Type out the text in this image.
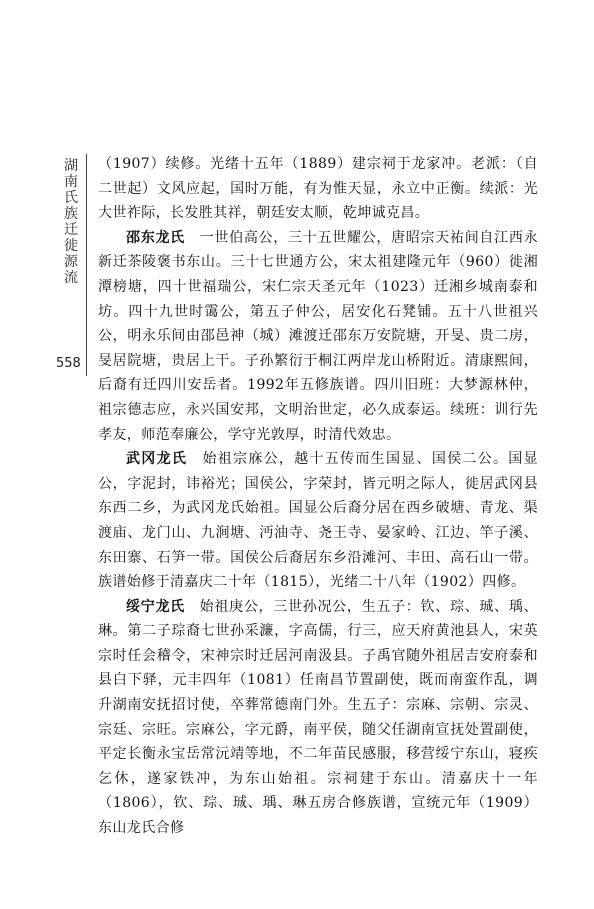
湖南氏族迁徙源流
558

（1907）续修。光绪十五年（1889）建宗祠于龙家冲。老派：（自二世起）文风应起，国时万能，有为惟天显，永立中正衡。续派：光大世祚际，长发胜其祥，朝廷安太顺，乾坤诚克昌。

邵东龙氏　 一世伯高公，三十五世耀公，唐昭宗天祐间自江西永新迁茶陵褒书东山。三十七世通方公，宋太祖建隆元年（960）徙湘潭榜塘，四十世福瑞公，宋仁宗天圣元年（1023）迁湘乡城南泰和坊。四十九世时霭公，第五子仲公，居安化石凳铺。五十八世祖兴公，明永乐间由邵邑神（城）滩渡迁邵东万安院塘，开旻、贵二房，旻居院塘，贵居上干。子孙繁衍于桐江两岸龙山桥附近。清康熙间，后裔有迁四川安岳者。1992年五修族谱。四川旧班：大梦源林仲，祖宗德志应，永兴国安邦，文明治世定，必久成泰运。续班：训行先孝友，师范奉廉公，学守光敦厚，时清代效忠。

武冈龙氏　 始祖宗庥公，越十五传而生国显、国侯二公。国显公，字泥封，讳裕光；国侯公，字荣封，皆元明之际人，徙居武冈县东西二乡，为武冈龙氏始祖。国显公后裔分居在西乡破塘、青龙、渠渡庙、龙门山、九涧塘、沔油寺、尧王寺、晏家岭、江边、竿子溪、东田寨、石笋一带。国侯公后裔居东乡沿滩河、丰田、高石山一带。族谱始修于清嘉庆二十年（1815），光绪二十八年（1902）四修。

绥宁龙氏　 始祖庚公，三世孙况公，生五子：钦、琮、珹、瑀、琳。第二子琮裔七世孙采濂，字高儒，行三，应天府黄池县人，宋英宗时任会稽令，宋神宗时迁居河南汲县。子禹官随外祖居吉安府泰和县白下驿，元丰四年（1081）任南昌节置副使，既而南蛮作乱，调升湖南安抚招讨使，卒葬常德南门外。生五子：宗麻、宗朝、宗灵、宗廷、宗旺。宗麻公，字元爵，南平侯，随父任湖南宣抚处置副使，平定长衡永宝岳常沅靖等地，不二年苗民感服，移营绥宁东山，寝疾乞休，遂家铁冲，为东山始祖。宗祠建于东山。清嘉庆十一年（1806），钦、琮、珹、瑀、琳五房合修族谱，宣统元年（1909）东山龙氏合修
